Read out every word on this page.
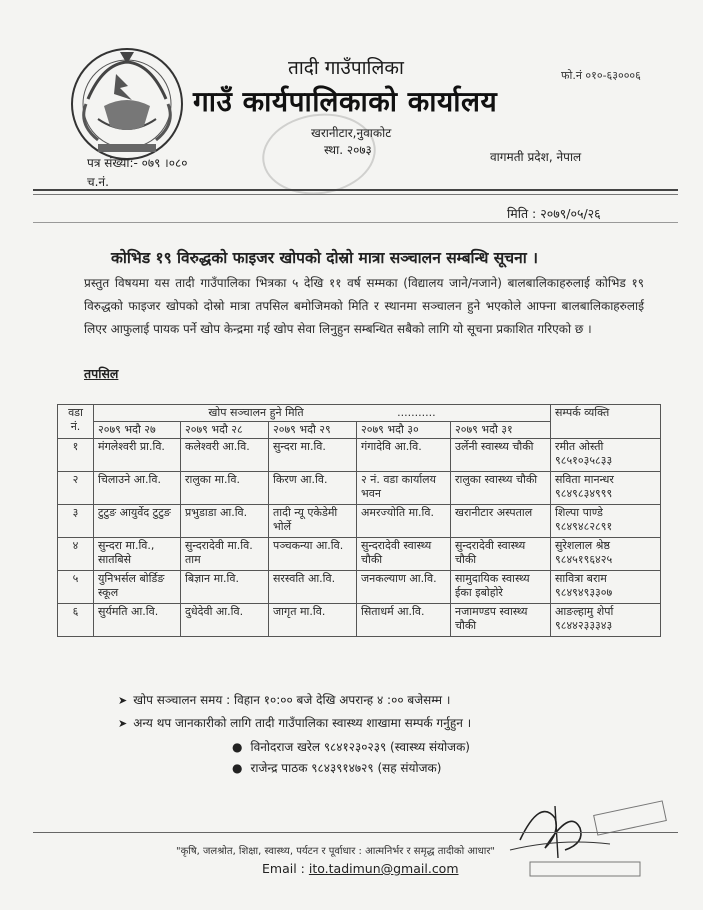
तादी गाउँपालिका
गाउँ कार्यपालिकाको कार्यालय
फो.नं ०१०-६३०००६
खरानीटार,नुवाकोट
स्था. २०७३	वागमती प्रदेश, नेपाल
पत्र संख्या:- ०७९ ।०८०
च.नं.
मिति : २०७९/०५/२६
कोभिड १९ विरुद्धको फाइजर खोपको दोस्रो मात्रा सञ्चालन सम्बन्धि सूचना ।
प्रस्तुत विषयमा यस तादी गाउँपालिका भित्रका ५ देखि ११ वर्ष सम्मका (विद्यालय जाने/नजाने) बालबालिकाहरुलाई कोभिड १९ विरुद्धको फाइजर खोपको दोस्रो मात्रा तपसिल बमोजिमको मिति र स्थानमा सञ्चालन हुने भएकोले आफ्ना बालबालिकाहरुलाई लिएर आफुलाई पायक पर्ने खोप केन्द्रमा गई खोप सेवा लिनुहुन सम्बन्धित सबैको लागि यो सूचना प्रकाशित गरिएको छ ।
तपसिल
वडा नं.	खोप सञ्चालन हुने मिति ...........					सम्पर्क व्यक्ति
	२०७९ भदौ २७	२०७९ भदौ २८	२०७९ भदौ २९	२०७९ भदौ ३०	२०७९ भदौ ३१	
१	मंगलेश्वरी प्रा.वि.	कलेश्वरी आ.वि.	सुन्दरा मा.वि.	गंगादेवि आ.वि.	उर्लेनी स्वास्थ्य चौकी	रमीत ओस्ती
९८५१०३५८३३
२	चिलाउने आ.वि.	रालुका मा.वि.	किरण आ.वि.	२ नं. वडा कार्यालय भवन	रालुका स्वास्थ्य चौकी	सविता मानन्धर
९८४९८३४९९९
३	टुटुङ आयुर्वेद टुटुङ	प्रभुडाडा आ.वि.	तादी न्यू एकेडेमी भोर्ले	अमरज्योति मा.वि.	खरानीटार अस्पताल	शिल्पा पाण्डे
९८४९४८२८९१
४	सुन्दरा मा.वि., सातबिसे	सुन्दरादेवी मा.वि. ताम	पञ्चकन्या आ.वि.	सुन्दरादेवी स्वास्थ्य चौकी	सुन्दरादेवी स्वास्थ्य चौकी	सुरेशलाल श्रेष्ठ
९८४५१९६४२५
५	युनिभर्सल बोर्डिङ स्कूल	बिज्ञान मा.वि.	सरस्वति आ.वि.	जनकल्याण आ.वि.	सामुदायिक स्वास्थ्य ईका इबोहोरे	सावित्रा बराम
९८४९४९३३०७
६	सुर्यमति आ.वि.	दुधेदेवी आ.वि.	जागृत मा.वि.	सिताधर्म आ.वि.	नजामण्डप स्वास्थ्य चौकी	आङल्हामु शेर्पा
९८४४२३३३४३
➤ खोप सञ्चालन समय : विहान १०:०० बजे देखि अपरान्ह ४ :०० बजेसम्म ।
➤ अन्य थप जानकारीको लागि तादी गाउँपालिका स्वास्थ्य शाखामा सम्पर्क गर्नुहुन ।
● विनोदराज खरेल ९८४१२३०२३९ (स्वास्थ्य संयोजक)
● राजेन्द्र पाठक ९८४३९१४७२९ (सह संयोजक)
"कृषि, जलश्रोत, शिक्षा, स्वास्थ्य, पर्यटन र पूर्वाधार : आत्मनिर्भर र समृद्ध तादीको आधार"
Email : ito.tadimun@gmail.com
